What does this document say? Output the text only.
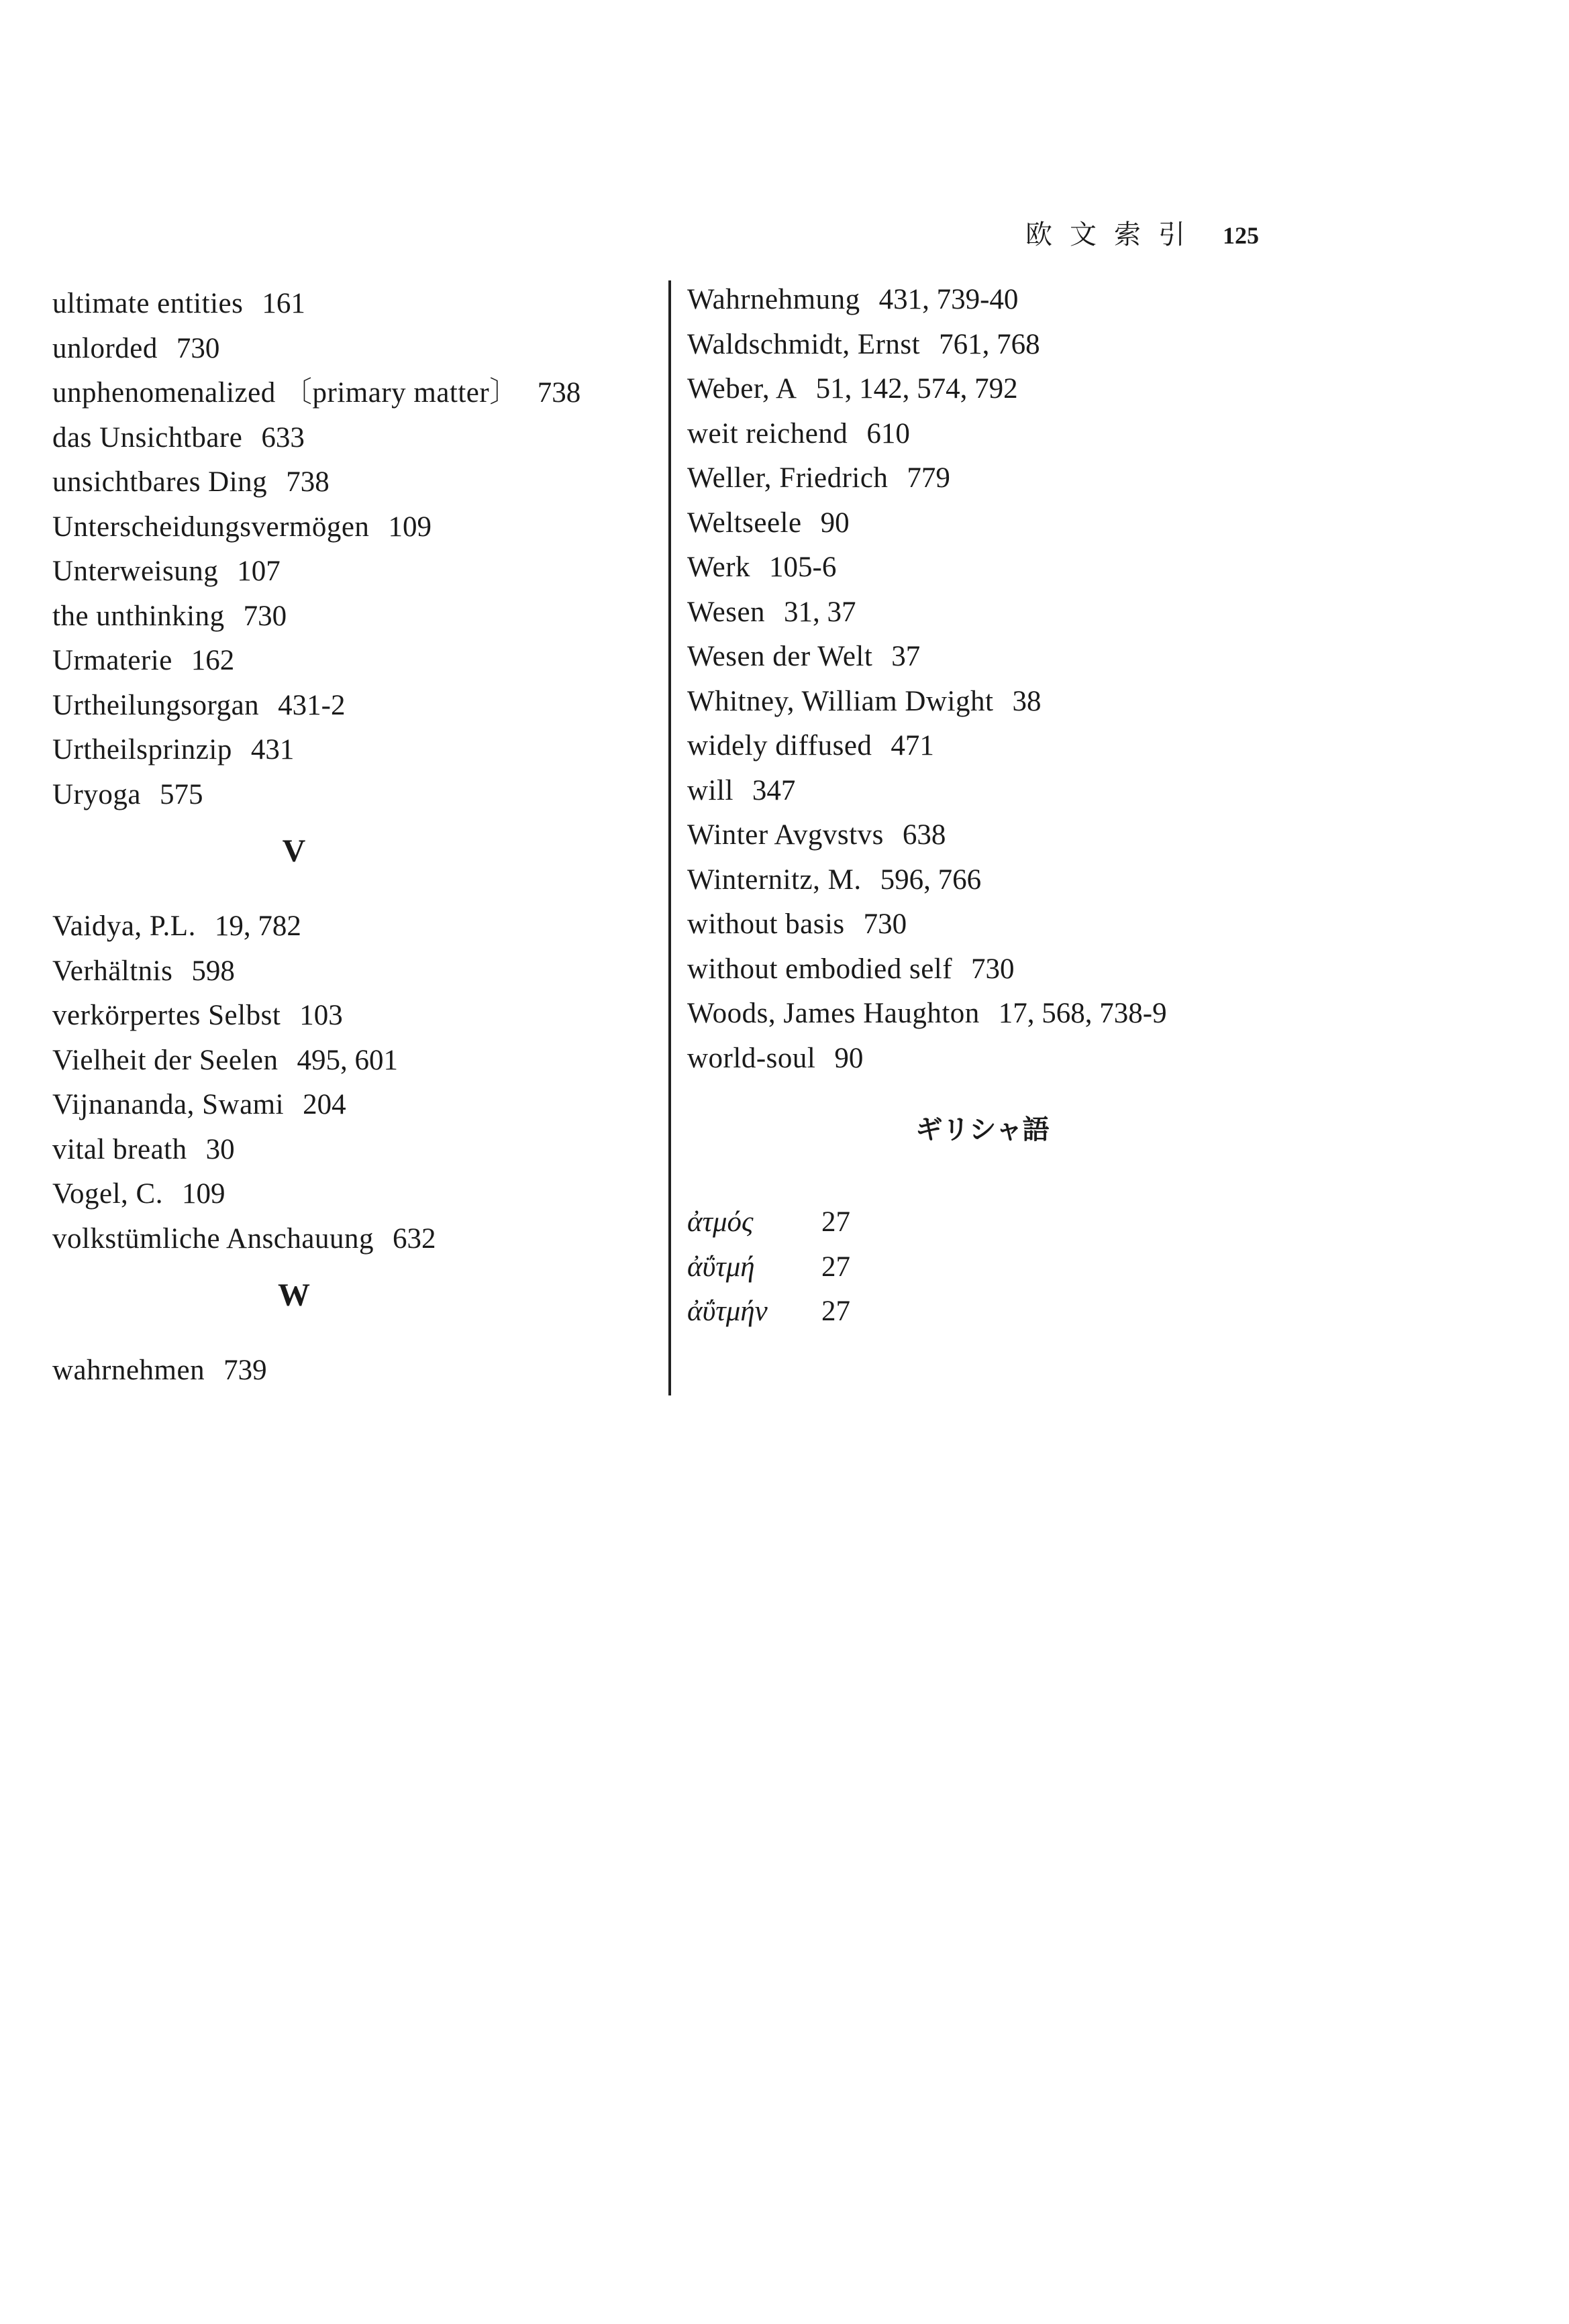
欧文索引 125
ultimate entities 161
unlorded 730
unphenomenalized 〔primary matter〕 738
das Unsichtbare 633
unsichtbares Ding 738
Unterscheidungsvermögen 109
Unterweisung 107
the unthinking 730
Urmaterie 162
Urtheilungsorgan 431-2
Urtheilsprinzip 431
Uryoga 575
V
Vaidya, P.L. 19, 782
Verhältnis 598
verkörpertes Selbst 103
Vielheit der Seelen 495, 601
Vijnananda, Swami 204
vital breath 30
Vogel, C. 109
volkstümliche Anschauung 632
W
wahrnehmen 739
Wahrnehmung 431, 739-40
Waldschmidt, Ernst 761, 768
Weber, A 51, 142, 574, 792
weit reichend 610
Weller, Friedrich 779
Weltseele 90
Werk 105-6
Wesen 31, 37
Wesen der Welt 37
Whitney, William Dwight 38
widely diffused 471
will 347
Winter Avgvstvs 638
Winternitz, M. 596, 766
without basis 730
without embodied self 730
Woods, James Haughton 17, 568, 738-9
world-soul 90
ギリシャ語
ἀτμός	27
ἀΰτμή	27
ἀΰτμήν	27
